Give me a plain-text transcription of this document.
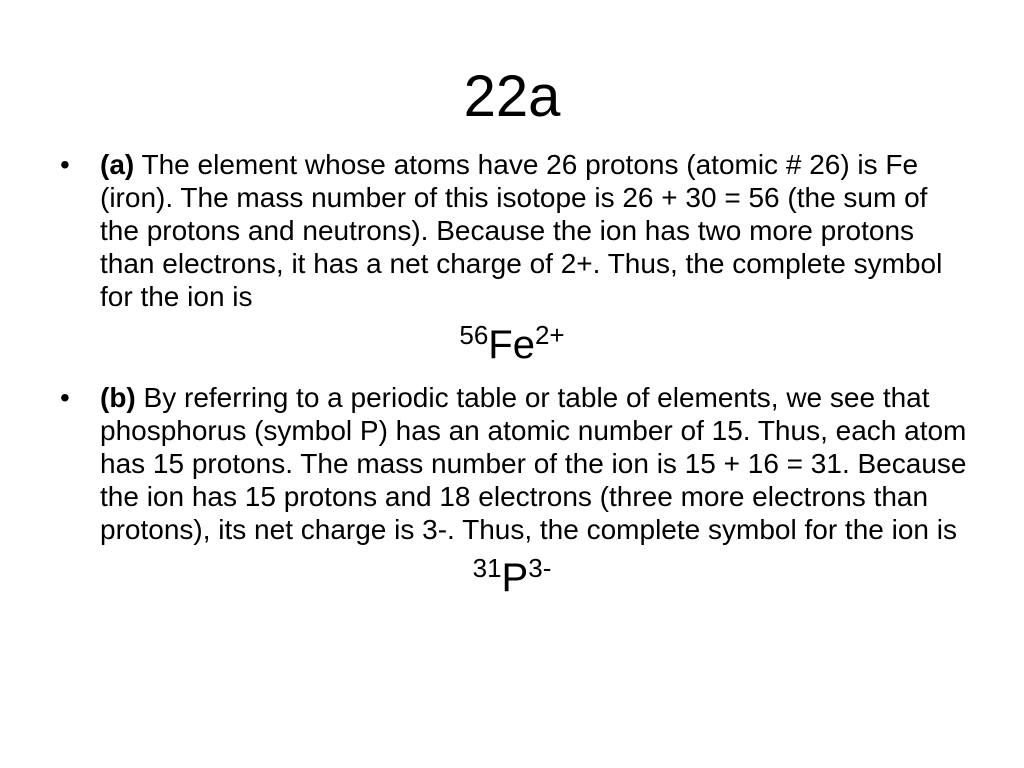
22a
• (a) The element whose atoms have 26 protons (atomic # 26) is Fe (iron). The mass number of this isotope is 26 + 30 = 56 (the sum of the protons and neutrons). Because the ion has two more protons than electrons, it has a net charge of 2+. Thus, the complete symbol for the ion is
$^{56}Fe^{2+}$
• (b) By referring to a periodic table or table of elements, we see that phosphorus (symbol P) has an atomic number of 15. Thus, each atom has 15 protons. The mass number of the ion is 15 + 16 = 31. Because the ion has 15 protons and 18 electrons (three more electrons than protons), its net charge is 3-. Thus, the complete symbol for the ion is
$^{31}P^{3-}$
